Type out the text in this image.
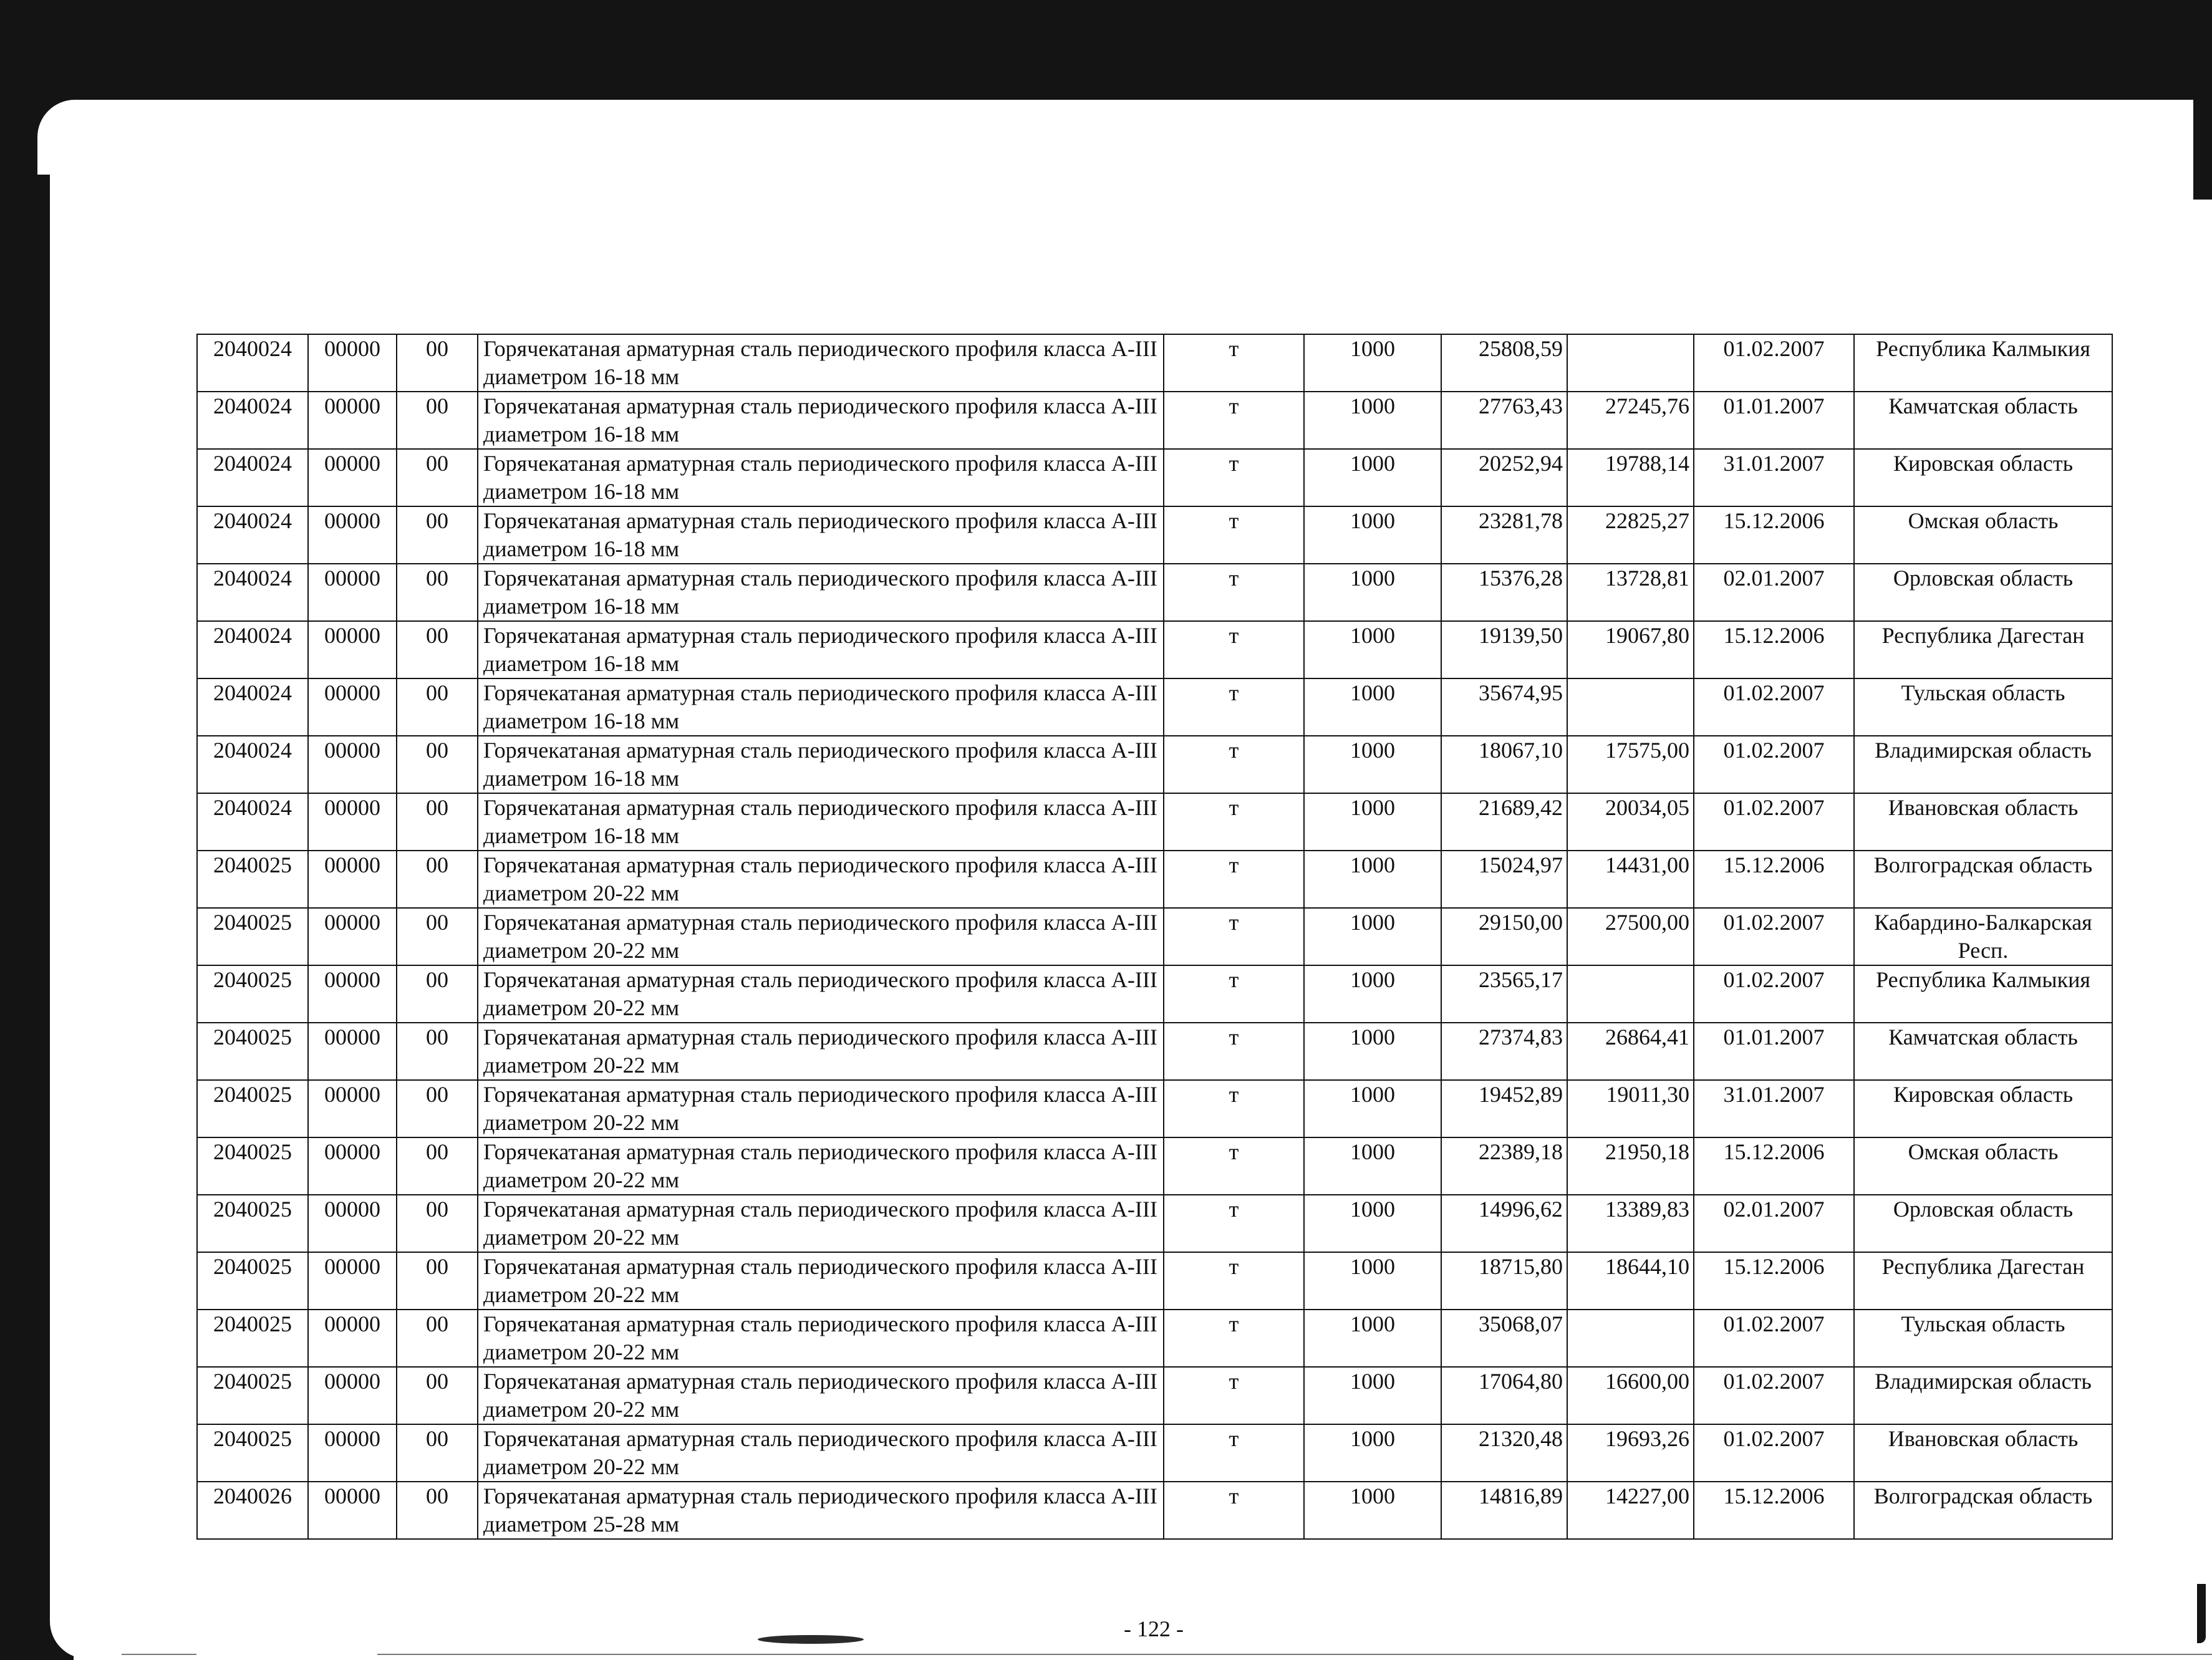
2040024	00000	00	Горячекатаная арматурная сталь периодического профиля класса А-III диаметром 16-18 мм	т	1000	25808,59		01.02.2007	Республика Калмыкия
2040024	00000	00	Горячекатаная арматурная сталь периодического профиля класса А-III диаметром 16-18 мм	т	1000	27763,43	27245,76	01.01.2007	Камчатская область
2040024	00000	00	Горячекатаная арматурная сталь периодического профиля класса А-III диаметром 16-18 мм	т	1000	20252,94	19788,14	31.01.2007	Кировская область
2040024	00000	00	Горячекатаная арматурная сталь периодического профиля класса А-III диаметром 16-18 мм	т	1000	23281,78	22825,27	15.12.2006	Омская область
2040024	00000	00	Горячекатаная арматурная сталь периодического профиля класса А-III диаметром 16-18 мм	т	1000	15376,28	13728,81	02.01.2007	Орловская область
2040024	00000	00	Горячекатаная арматурная сталь периодического профиля класса А-III диаметром 16-18 мм	т	1000	19139,50	19067,80	15.12.2006	Республика Дагестан
2040024	00000	00	Горячекатаная арматурная сталь периодического профиля класса А-III диаметром 16-18 мм	т	1000	35674,95		01.02.2007	Тульская область
2040024	00000	00	Горячекатаная арматурная сталь периодического профиля класса А-III диаметром 16-18 мм	т	1000	18067,10	17575,00	01.02.2007	Владимирская область
2040024	00000	00	Горячекатаная арматурная сталь периодического профиля класса А-III диаметром 16-18 мм	т	1000	21689,42	20034,05	01.02.2007	Ивановская область
2040025	00000	00	Горячекатаная арматурная сталь периодического профиля класса А-III диаметром 20-22 мм	т	1000	15024,97	14431,00	15.12.2006	Волгоградская область
2040025	00000	00	Горячекатаная арматурная сталь периодического профиля класса А-III диаметром 20-22 мм	т	1000	29150,00	27500,00	01.02.2007	Кабардино-Балкарская Респ.
2040025	00000	00	Горячекатаная арматурная сталь периодического профиля класса А-III диаметром 20-22 мм	т	1000	23565,17		01.02.2007	Республика Калмыкия
2040025	00000	00	Горячекатаная арматурная сталь периодического профиля класса А-III диаметром 20-22 мм	т	1000	27374,83	26864,41	01.01.2007	Камчатская область
2040025	00000	00	Горячекатаная арматурная сталь периодического профиля класса А-III диаметром 20-22 мм	т	1000	19452,89	19011,30	31.01.2007	Кировская область
2040025	00000	00	Горячекатаная арматурная сталь периодического профиля класса А-III диаметром 20-22 мм	т	1000	22389,18	21950,18	15.12.2006	Омская область
2040025	00000	00	Горячекатаная арматурная сталь периодического профиля класса А-III диаметром 20-22 мм	т	1000	14996,62	13389,83	02.01.2007	Орловская область
2040025	00000	00	Горячекатаная арматурная сталь периодического профиля класса А-III диаметром 20-22 мм	т	1000	18715,80	18644,10	15.12.2006	Республика Дагестан
2040025	00000	00	Горячекатаная арматурная сталь периодического профиля класса А-III диаметром 20-22 мм	т	1000	35068,07		01.02.2007	Тульская область
2040025	00000	00	Горячекатаная арматурная сталь периодического профиля класса А-III диаметром 20-22 мм	т	1000	17064,80	16600,00	01.02.2007	Владимирская область
2040025	00000	00	Горячекатаная арматурная сталь периодического профиля класса А-III диаметром 20-22 мм	т	1000	21320,48	19693,26	01.02.2007	Ивановская область
2040026	00000	00	Горячекатаная арматурная сталь периодического профиля класса А-III диаметром 25-28 мм	т	1000	14816,89	14227,00	15.12.2006	Волгоградская область
- 122 -
